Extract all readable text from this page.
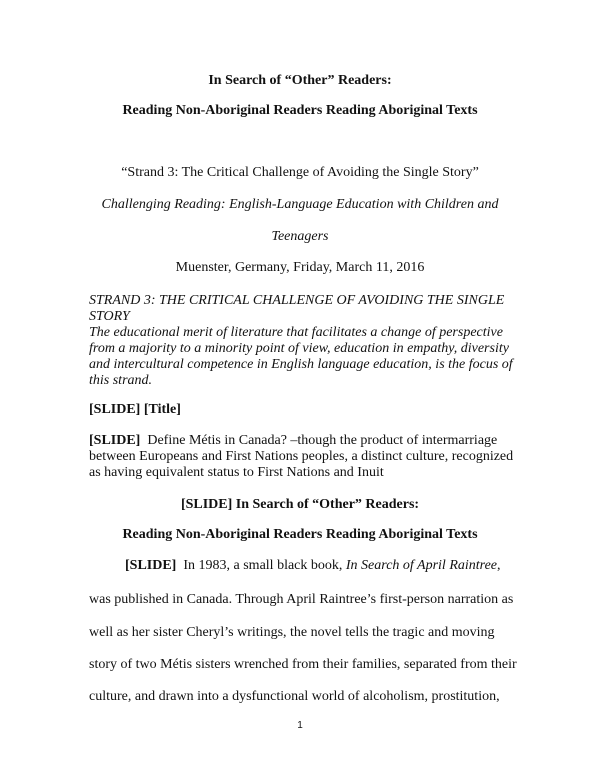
In Search of “Other” Readers:
Reading Non-Aboriginal Readers Reading Aboriginal Texts
“Strand 3: The Critical Challenge of Avoiding the Single Story”
Challenging Reading: English-Language Education with Children and
Teenagers
Muenster, Germany, Friday, March 11, 2016
STRAND 3: THE CRITICAL CHALLENGE OF AVOIDING THE SINGLE
STORY
The educational merit of literature that facilitates a change of perspective
from a majority to a minority point of view, education in empathy, diversity
and intercultural competence in English language education, is the focus of
this strand.
[SLIDE] [Title]
[SLIDE] Define Métis in Canada? –though the product of intermarriage
between Europeans and First Nations peoples, a distinct culture, recognized
as having equivalent status to First Nations and Inuit
[SLIDE] In Search of “Other” Readers:
Reading Non-Aboriginal Readers Reading Aboriginal Texts
[SLIDE] In 1983, a small black book, In Search of April Raintree,
was published in Canada. Through April Raintree’s first-person narration as
well as her sister Cheryl’s writings, the novel tells the tragic and moving
story of two Métis sisters wrenched from their families, separated from their
culture, and drawn into a dysfunctional world of alcoholism, prostitution,
1
